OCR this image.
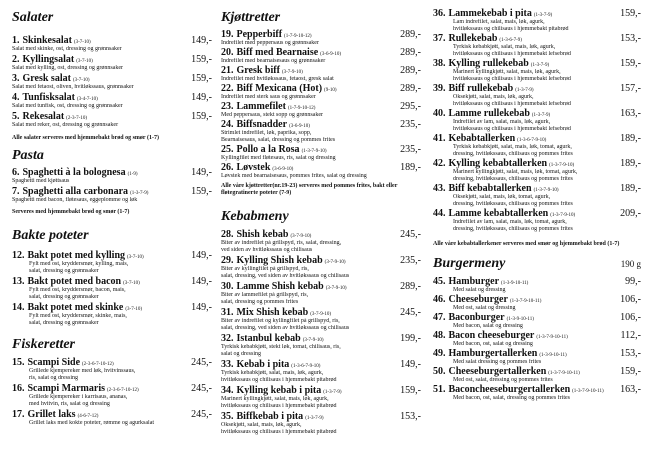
Salater
1. Skinkesalat (3-7-10)	149,-
Salat med skinke, ost, dressing og grønnsaker
2. Kyllingsalat (3-7-10)	159,-
Salat med kylling, ost, dressing og grønnsaker
3. Gresk salat (3-7-10)	159,-
Salat med fetaost, oliven, hvitløkssaus, grønnsaker
4. Tunfisksalat (3-4-7-10)	149,-
Salat med tunfisk, ost, dressing og grønnsaker
5. Rekesalat (2-3-7-10)	159,-
Salat med reker, ost, dressing og grønnsaker
Alle salater serveres med hjemmebakt brød og smør (1-7)
Pasta
6. Spaghetti à la bolognesa (1-9)	149,-
Spaghetti med kjøttsaus
7. Spaghetti alla carbonara (1-3-7-9)	159,-
Spaghetti med bacon, fløtesaus, eggeplomme og løk
Serveres med hjemmebakt brød og smør (1-7)
Bakte poteter
12. Bakt potet med kylling (3-7-10)	149,-
Fylt med ost, kryddersmør, kylling, mais,
salat, dressing og grønnsaker
13. Bakt potet med bacon (3-7-10)	149,-
Fylt med ost, kryddersmør, bacon, mais,
salat, dressing og grønnsaker
14. Bakt potet med skinke (3-7-10)	149,-
Fylt med ost, kryddersmør, skinke, mais,
salat, dressing og grønnsaker
Fiskeretter
15. Scampi Side (2-3-6-7-10-12)	245,-
Grillede kjempereker med løk, hvitvinssaus,
ris, salat og dressing
16. Scampi Marmaris (2-3-6-7-10-12)	245,-
Grillede kjempereker i karrisaus, ananas,
med hvitvin, ris, salat og dressing
17. Grillet laks (4-6-7-12)	245,-
Grillet laks med kokte poteter, rømme og agurksalat
Kjøttretter
19. Pepperbiff (1-7-9-10-12)	289,-
Indrefilet med peppersaus og grønnsaker
20. Biff med Bearnaise (3-6-9-10)	289,-
Indrefilet med bearnaisesaus og grønnsaker
21. Gresk biff (3-7-9-10)	289,-
Indrefilet med hvitløkssaus, fetaost, gresk salat
22. Biff Mexicana (Hot) (9-10)	289,-
Indrefilet med sterk saus og grønnsaker
23. Lammefilet (1-7-9-10-12)	295,-
Med peppersaus, stekt sopp og grønnsaker
24. Biffsnadder (3-6-9-10)	235,-
Strimlet indrefilet, løk, paprika, sopp,
Bearnaisesaus, salat, dressing og pommes frites
25. Pollo a la Rosa (1-3-7-9-10)	235,-
Kyllingfilet med fløtesaus, ris, salat og dressing
26. Løvstek (3-6-9-10)	189,-
Løvstek med bearnaisesaus, pommes frites, salat og dressing
Alle våre kjøttretter(nr.19-23) serveres med pommes frites, bakt eller fløtegratinerte poteter (7-9)
Kebabmeny
28. Shish kebab (3-7-9-10)	245,-
Biter av indrefilet på grillspyd, ris, salat, dressing,
ved siden av hvitløkssaus og chilisaus
29. Kylling Shish kebab (3-7-9-10)	235,-
Biter av kyllingfilet på grillspyd, ris,
salat, dressing, ved siden av hvitløkssaus og chilisaus
30. Lamme Shish kebab (3-7-9-10)	289,-
Biter av lammefilet på grillspyd, ris,
salat, dressing og pommes frites
31. Mix Shish kebab (3-7-9-10)	245,-
Biter av indrefilet og kyllingfilet på grillspyd, ris,
salat, dressing, ved siden av hvitløkssaus og chilisaus
32. Istanbul kebab (3-7-9-10)	199,-
Tyrkisk kebabkjøtt, stekt løk, tomat, chilisaus, ris,
salat og dressing
33. Kebab i pita (1-3-6-7-9-10)	149,-
Tyrkisk kebabkjøtt, salat, mais, løk, agurk,
hvitløkssaus og chilisaus i hjemmebakt pitabrød
34. Kylling kebab i pita (1-3-7-9)	159,-
Marinert kyllingkjøtt, salat, mais, løk, agurk,
hvitløkssaus og chilisaus i hjemmebakt pitabrød
35. Biffkebab i pita (1-3-7-9)	153,-
Oksekjøtt, salat, mais, løk, agurk,
hvitløkssaus og chilisaus i hjemmebakt pitabrød
36. Lammekebab i pita (1-3-7-9)	159,-
Lam indrefilet, salat, mais, løk, agurk,
hvitløkssaus og chilisaus i hjemmebakt pitabrød
37. Rullekebab (1-3-6-7-9)	153,-
Tyrkisk kebabkjøtt, salat, mais, løk, agurk,
hvitløkssaus og chilisaus i hjemmebakt lefsebrød
38. Kylling rullekebab (1-3-7-9)	159,-
Marinert kyllingkjøtt, salat, mais, løk, agurk,
hvitløkssaus og chilisaus i hjemmebakt lefsebrød
39. Biff rullekebab (1-3-7-9)	157,-
Oksekjøtt, salat, mais, løk, agurk,
hvitløkssaus og chilisaus i hjemmebakt lefsebrød
40. Lamme rullekebab (1-3-7-9)	163,-
Indrefilet av lam, salat, mais, løk, agurk,
hvitløkssaus og chilisaus i hjemmebakt lefsebrød
41. Kebabtallerken (1-3-6-7-9-10)	189,-
Tyrkisk kebabkjøtt, salat, mais, løk, tomat, agurk,
dressing, hvitløkssaus, chilisaus og pommes frites
42. Kylling kebabtallerken (1-3-7-9-10)	189,-
Marinert kyllingkjøtt, salat, mais, løk, tomat, agurk,
dressing, hvitløkssaus, chilisaus og pommes frites
43. Biff kebabtallerken (1-3-7-9-10)	189,-
Oksekjøtt, salat, mais, løk, tomat, agurk,
dressing, hvitløkssaus, chilisaus og pommes frites
44. Lamme kebabtallerken (1-3-7-9-10)	209,-
Indrefilet av lam, salat, mais, løk, tomat, agurk,
dressing, hvitløkssaus, chilisaus og pommes frites
Alle våre kebabtallerkener serveres med smør og hjemmebakt brød (1-7)
Burgermeny	190 g
45. Hamburger (1-3-9-10-11)	99,-
Med salat og dressing
46. Cheeseburger (1-3-7-9-10-11)	106,-
Med ost, salat og dressing
47. Baconburger (1-3-9-10-11)	106,-
Med bacon, salat og dressing
48. Bacon cheeseburger (1-3-7-9-10-11)	112,-
Med bacon, ost, salat og dressing
49. Hamburgertallerken (1-3-9-10-11)	153,-
Med salat dressing og pommes frites
50. Cheeseburgertallerken (1-3-7-9-10-11)	159,-
Med ost, salat, dressing og pommes frites
51. Baconcheeseburgertallerken (1-3-7-9-10-11)	163,-
Med bacon, ost, salat, dressing og pommes frites
